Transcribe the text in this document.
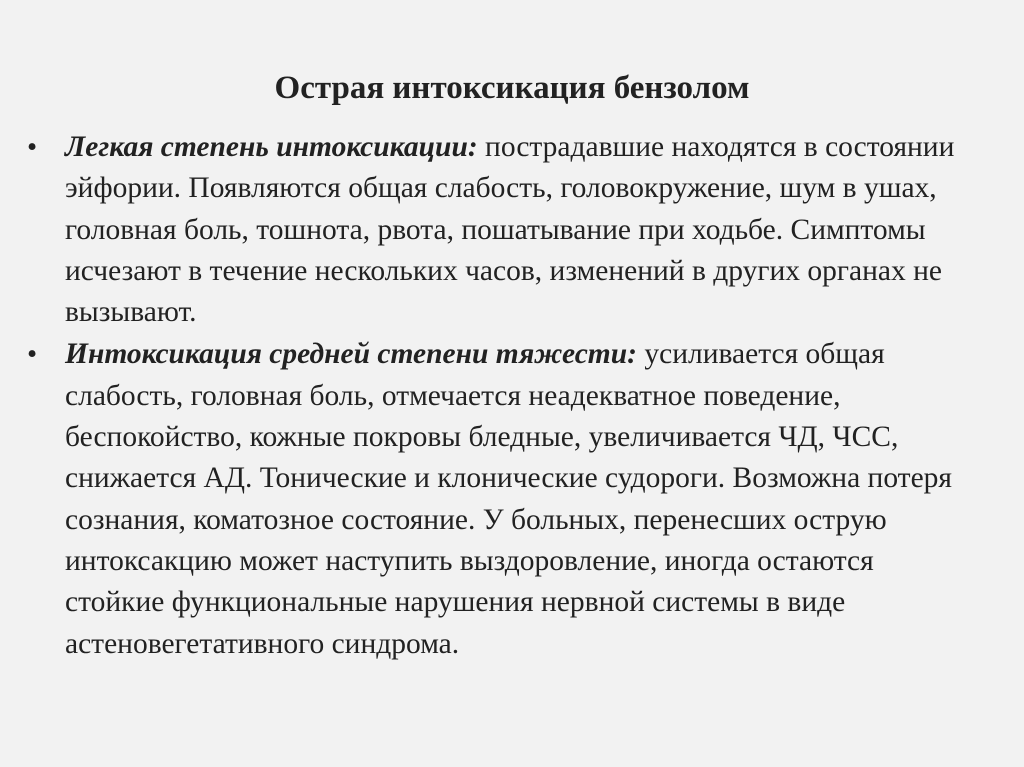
Острая интоксикация бензолом
• Легкая степень интоксикации: пострадавшие находятся в состоянии эйфории. Появляются общая слабость, головокружение, шум в ушах, головная боль, тошнота, рвота, пошатывание при ходьбе. Симптомы исчезают в течение нескольких часов, изменений в других органах не вызывают.
• Интоксикация средней степени тяжести: усиливается общая слабость, головная боль, отмечается неадекватное поведение, беспокойство, кожные покровы бледные, увеличивается ЧД, ЧСС, снижается АД. Тонические и клонические судороги. Возможна потеря сознания, коматозное состояние. У больных, перенесших острую интоксакцию может наступить выздоровление, иногда остаются стойкие функциональные нарушения нервной системы в виде астеновегетативного синдрома.
